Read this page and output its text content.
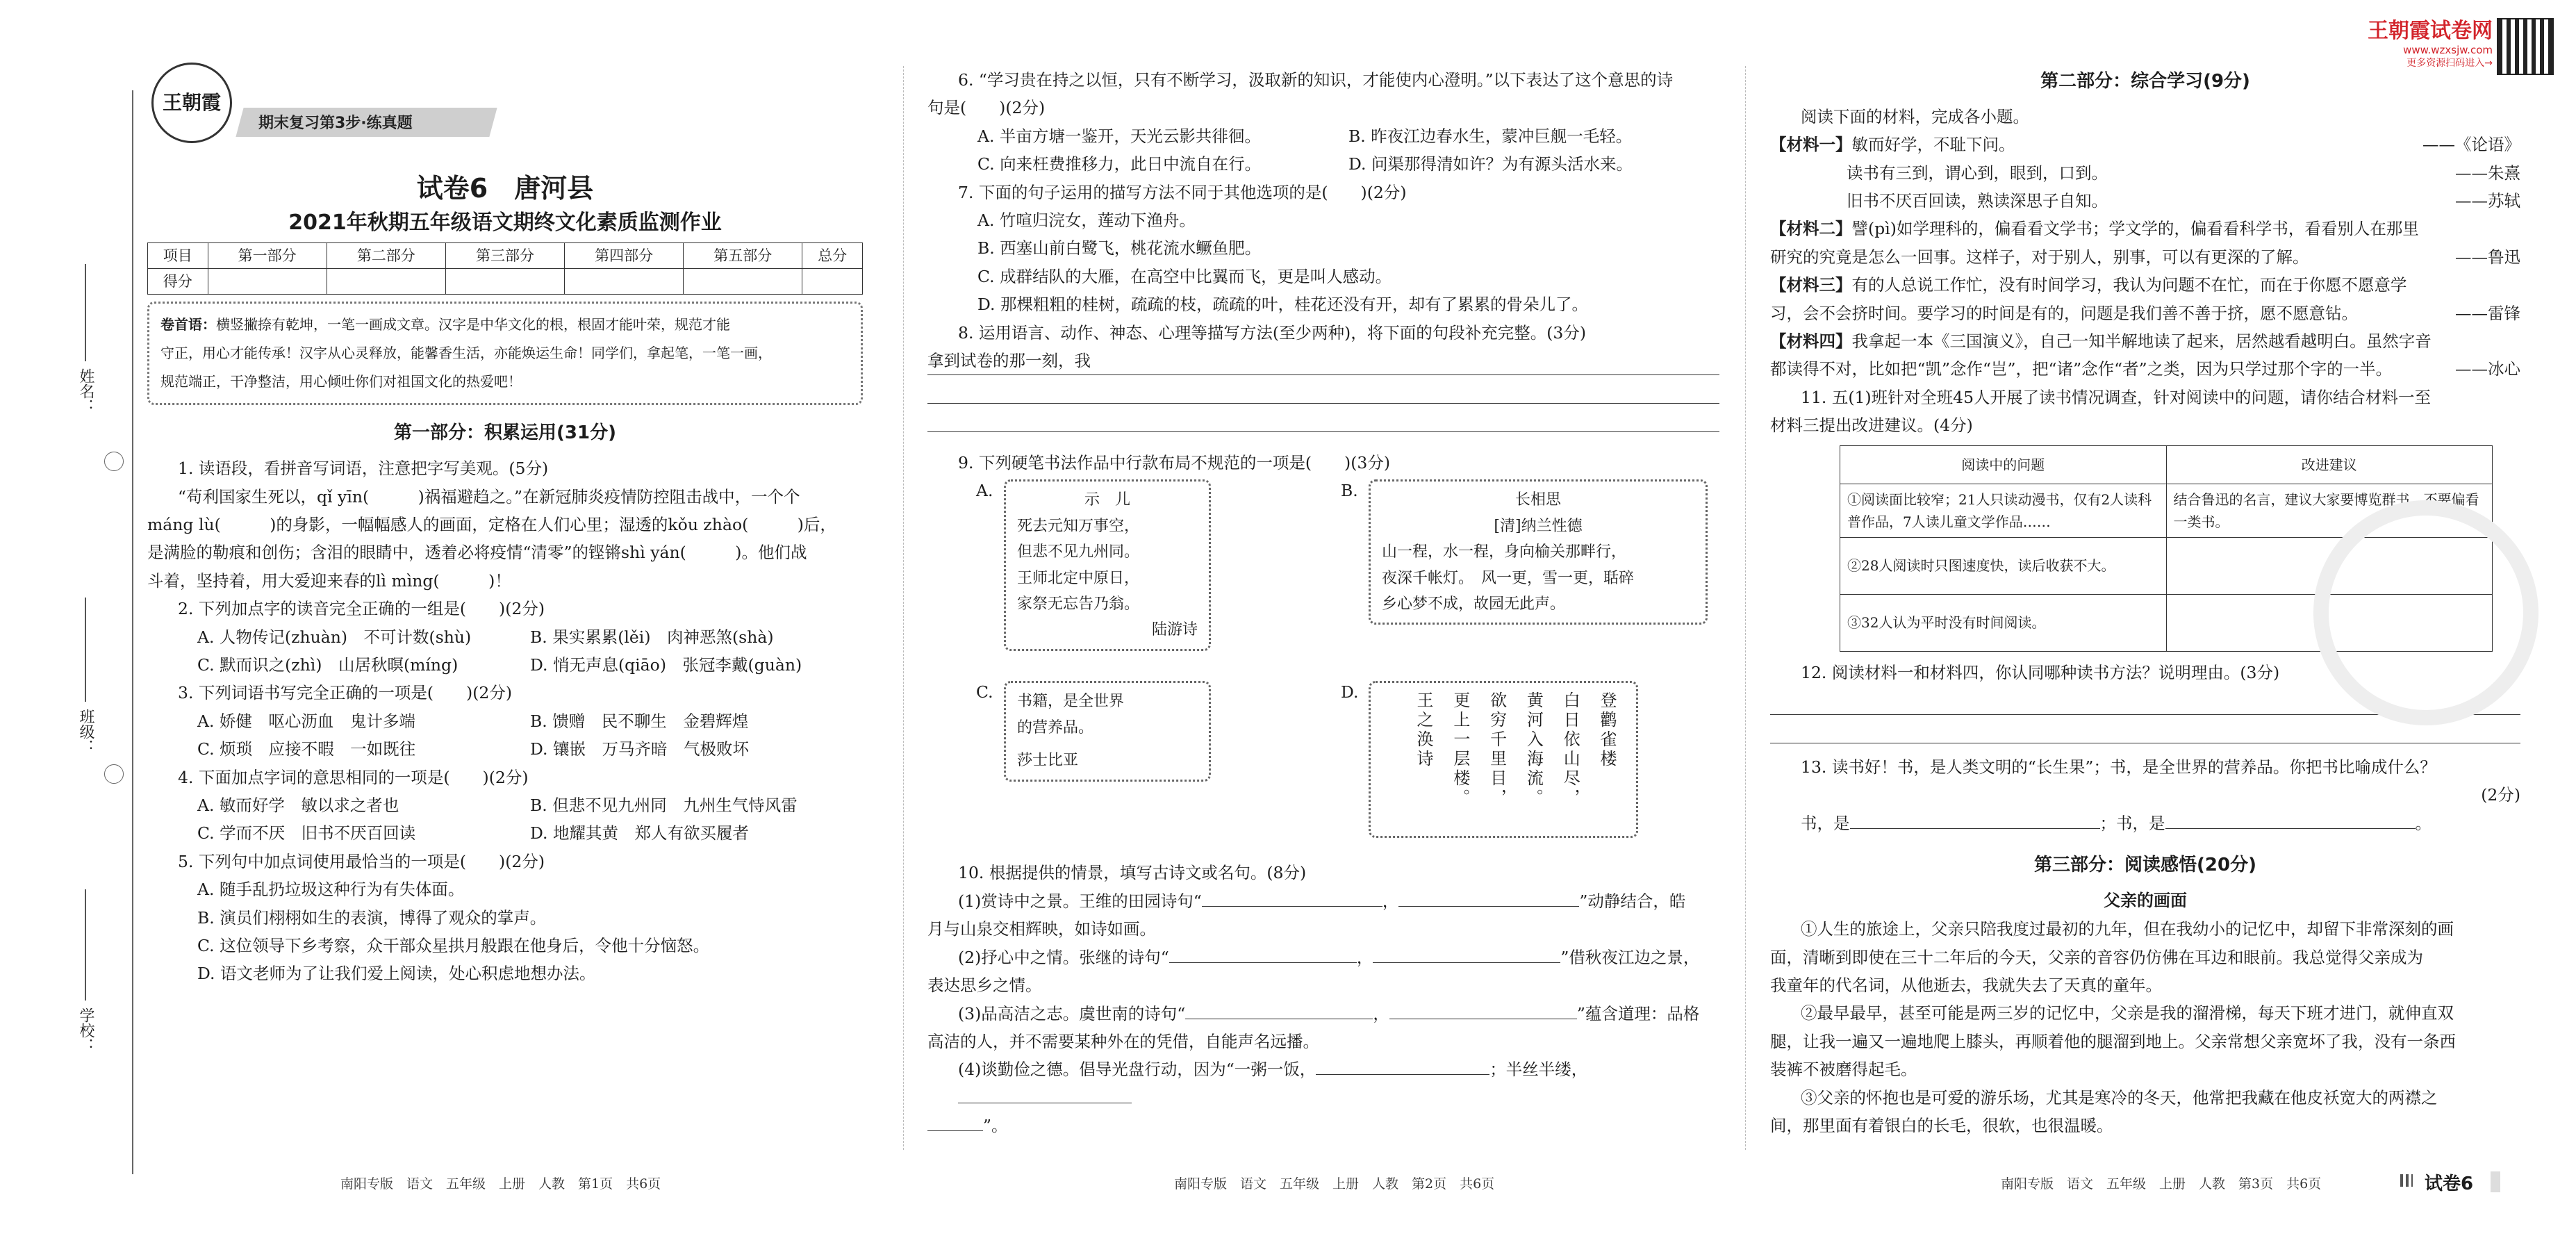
王朝霞试卷网
www.wzxsjw.com
更多资源扫码进入→
王朝霞
期末复习第3步·练真题
姓名：
班级：
学校：
试卷6　唐河县
2021年秋期五年级语文期终文化素质监测作业
项目	第一部分	第二部分	第三部分	第四部分	第五部分	总分
得分						

卷首语：横竖撇捺有乾坤，一笔一画成文章。汉字是中华文化的根，根固才能叶荣，规范才能

守正，用心才能传承！汉字从心灵释放，能馨香生活，亦能焕运生命！同学们，拿起笔，一笔一画，

规范端正，干净整洁，用心倾吐你们对祖国文化的热爱吧！

第一部分：积累运用(31分)

1. 读语段，看拼音写词语，注意把字写美观。(5分)

“苟利国家生死以，qǐ yīn(　　　)祸福避趋之。”在新冠肺炎疫情防控阻击战中，一个个

máng lù(　　　)的身影，一幅幅感人的画面，定格在人们心里；湿透的kǒu zhào(　　　)后，

是满脸的勒痕和创伤；含泪的眼睛中，透着必将疫情“清零”的铿锵shì yán(　　　)。他们战

斗着，坚持着，用大爱迎来春的lì mìng(　　　)！

2. 下列加点字的读音完全正确的一组是(　　)(2分)

A. 人物传记(zhuàn)　不可计数(shù)	B. 果实累累(lěi)　肉神恶煞(shà)
C. 默而识之(zhì)　山居秋暝(míng)	D. 悄无声息(qiāo)　张冠李戴(guàn)

3. 下列词语书写完全正确的一项是(　　)(2分)

A. 娇健　呕心沥血　鬼计多端	B. 馈赠　民不聊生　金碧辉煌
C. 烦琐　应接不暇　一如既往	D. 镶嵌　万马齐暗　气极败坏

4. 下面加点字词的意思相同的一项是(　　)(2分)

A. 敏而好学　敏以求之者也	B. 但悲不见九州同　九州生气恃风雷
C. 学而不厌　旧书不厌百回读	D. 地耀其黄　郑人有欲买履者

5. 下列句中加点词使用最恰当的一项是(　　)(2分)

A. 随手乱扔垃圾这种行为有失体面。

B. 演员们栩栩如生的表演，博得了观众的掌声。

C. 这位领导下乡考察，众干部众星拱月般跟在他身后，令他十分恼怒。

D. 语文老师为了让我们爱上阅读，处心积虑地想办法。

6. “学习贵在持之以恒，只有不断学习，汲取新的知识，才能使内心澄明。”以下表达了这个意思的诗

句是(　　)(2分)

A. 半亩方塘一鉴开，天光云影共徘徊。	B. 昨夜江边春水生，蒙冲巨舰一毛轻。
C. 向来枉费推移力，此日中流自在行。	D. 问渠那得清如许？为有源头活水来。

7. 下面的句子运用的描写方法不同于其他选项的是(　　)(2分)

A. 竹喧归浣女，莲动下渔舟。

B. 西塞山前白鹭飞，桃花流水鳜鱼肥。

C. 成群结队的大雁，在高空中比翼而飞，更是叫人感动。

D. 那棵粗粗的桂树，疏疏的枝，疏疏的叶，桂花还没有开，却有了累累的骨朵儿了。

8. 运用语言、动作、神态、心理等描写方法(至少两种)，将下面的句段补充完整。(3分)

拿到试卷的那一刻，我

9. 下列硬笔书法作品中行款布局不规范的一项是(　　)(3分)

A.	示　儿
死去元知万事空，
但悲不见九州同。
王师北定中原日，
家祭无忘告乃翁。
陆游诗
B.	长相思
[清]纳兰性德
山一程，水一程，身向榆关那畔行，
夜深千帐灯。　风一更，雪一更，聒碎
乡心梦不成，故园无此声。
C. 书籍，是全世界
的营养品。
莎士比亚
D.	登鹳雀楼
白日依山尽，
黄河入海流。
欲穷千里目，
更上一层楼。
王之涣诗

10. 根据提供的情景，填写古诗文或名句。(8分)

(1)赏诗中之景。王维的田园诗句“	，	”动静结合，皓

月与山泉交相辉映，如诗如画。

(2)抒心中之情。张继的诗句“	，	”借秋夜江边之景，

表达思乡之情。

(3)品高洁之志。虞世南的诗句“	，	”蕴含道理：品格

高洁的人，并不需要某种外在的凭借，自能声名远播。

(4)谈勤俭之德。倡导光盘行动，因为“一粥一饭，	；半丝半缕，

”。

第二部分：综合学习(9分)

阅读下面的材料，完成各小题。

【材料一】敏而好学，不耻下问。	——《论语》

读书有三到，谓心到，眼到，口到。	——朱熹

旧书不厌百回读，熟读深思子自知。	——苏轼

【材料二】譬(pì)如学理科的，偏看看文学书；学文学的，偏看看科学书，看看别人在那里

研究的究竟是怎么一回事。这样子，对于别人，别事，可以有更深的了解。	——鲁迅

【材料三】有的人总说工作忙，没有时间学习，我认为问题不在忙，而在于你愿不愿意学

习，会不会挤时间。要学习的时间是有的，问题是我们善不善于挤，愿不愿意钻。	——雷锋

【材料四】我拿起一本《三国演义》，自己一知半解地读了起来，居然越看越明白。虽然字音

都读得不对，比如把“凯”念作“岂”，把“诸”念作“者”之类，因为只学过那个字的一半。	——冰心

11. 五(1)班针对全班45人开展了读书情况调查，针对阅读中的问题，请你结合材料一至

材料三提出改进建议。(4分)

阅读中的问题	改进建议
①阅读面比较窄；21人只读动漫书，仅有2人读科普作品，7人读儿童文学作品……	结合鲁迅的名言，建议大家要博览群书，不要偏看一类书。
②28人阅读时只图速度快，读后收获不大。	
③32人认为平时没有时间阅读。	

12. 阅读材料一和材料四，你认同哪种读书方法？说明理由。(3分)

13. 读书好！书，是人类文明的“长生果”；书，是全世界的营养品。你把书比喻成什么？

(2分)

书，是	；书，是	。

第三部分：阅读感悟(20分)
父亲的画面

①人生的旅途上，父亲只陪我度过最初的九年，但在我幼小的记忆中，却留下非常深刻的画

面，清晰到即使在三十二年后的今天，父亲的音容仍仿佛在耳边和眼前。我总觉得父亲成为

我童年的代名词，从他逝去，我就失去了天真的童年。

②最早最早，甚至可能是两三岁的记忆中，父亲是我的溜滑梯，每天下班才进门，就伸直双

腿，让我一遍又一遍地爬上膝头，再顺着他的腿溜到地上。父亲常想父亲宽坏了我，没有一条西

装裤不被磨得起毛。

③父亲的怀抱也是可爱的游乐场，尤其是寒冷的冬天，他常把我藏在他皮袄宽大的两襟之

间，那里面有着银白的长毛，很软，也很温暖。

南阳专版　语文　五年级　上册　人教　第1页　共6页	南阳专版　语文　五年级　上册　人教　第2页　共6页	南阳专版　语文　五年级　上册　人教　第3页　共6页	试卷6
